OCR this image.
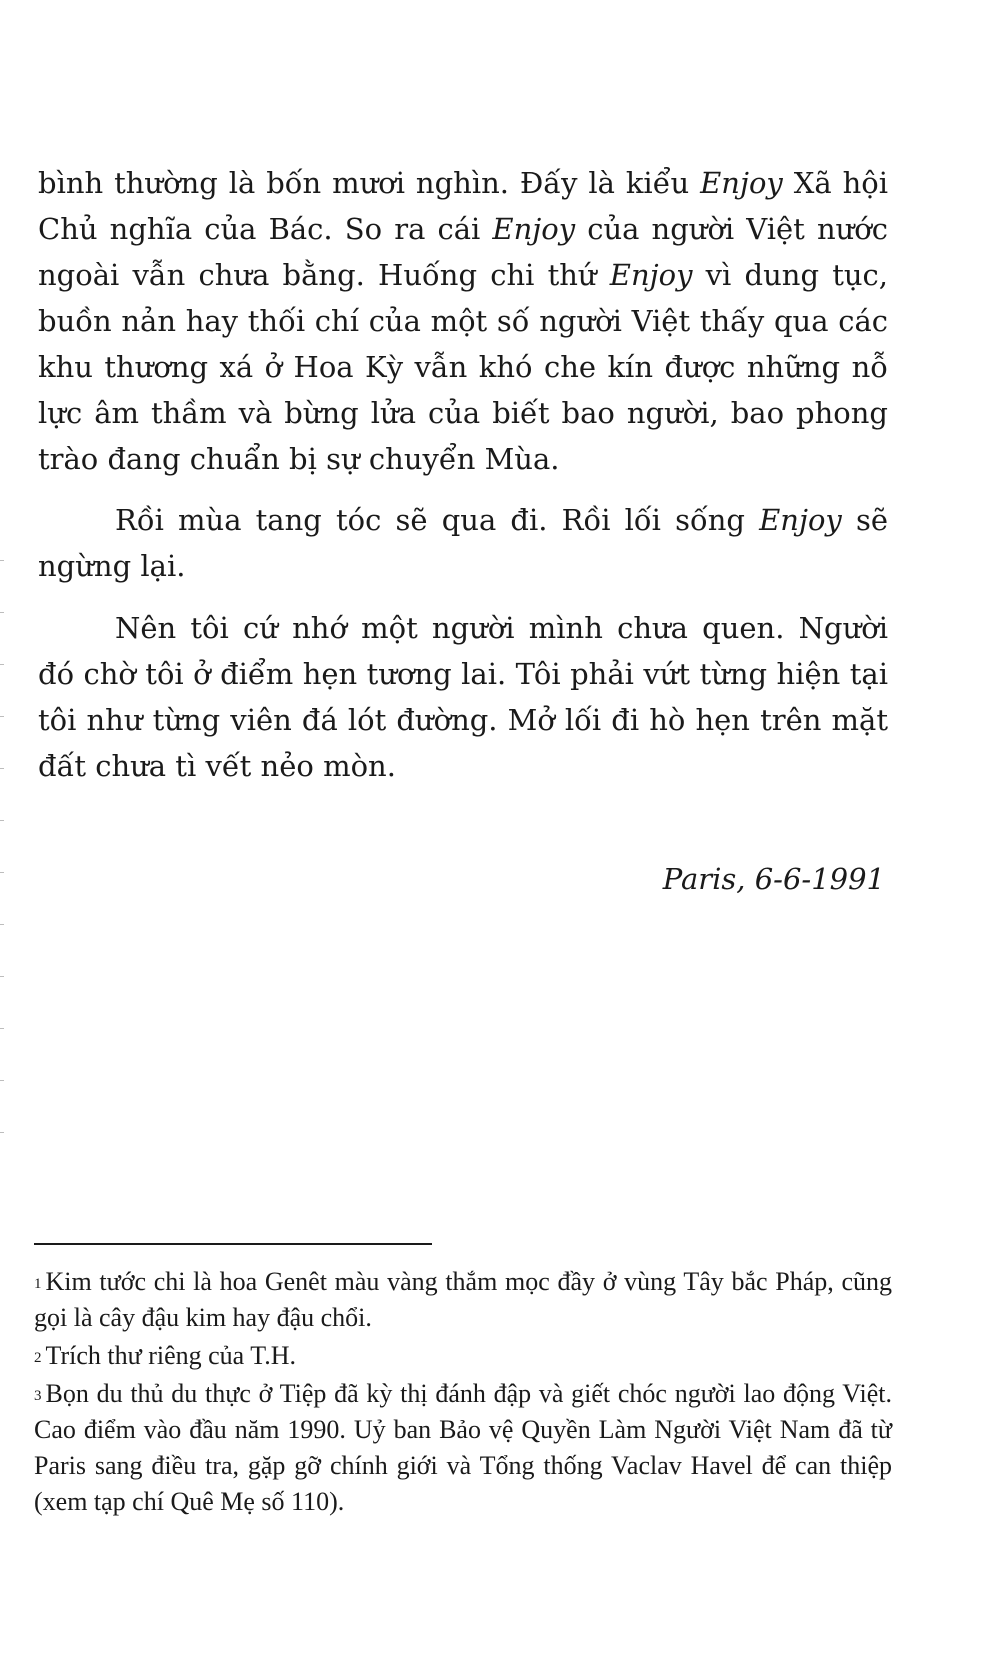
bình thường là bốn mươi nghìn. Đấy là kiểu Enjoy Xã hội Chủ nghĩa của Bác. So ra cái Enjoy của người Việt nước ngoài vẫn chưa bằng. Huống chi thứ Enjoy vì dung tục, buồn nản hay thối chí của một số người Việt thấy qua các khu thương xá ở Hoa Kỳ vẫn khó che kín được những nỗ lực âm thầm và bừng lửa của biết bao người, bao phong trào đang chuẩn bị sự chuyển Mùa.

Rồi mùa tang tóc sẽ qua đi. Rồi lối sống Enjoy sẽ ngừng lại.

Nên tôi cứ nhớ một người mình chưa quen. Người đó chờ tôi ở điểm hẹn tương lai. Tôi phải vứt từng hiện tại tôi như từng viên đá lót đường. Mở lối đi hò hẹn trên mặt đất chưa tì vết nẻo mòn.

Paris, 6-6-1991

$^1$ Kim tước chi là hoa Genêt màu vàng thắm mọc đầy ở vùng Tây bắc Pháp, cũng gọi là cây đậu kim hay đậu chổi.

$^2$ Trích thư riêng của T.H.

$^3$ Bọn du thủ du thực ở Tiệp đã kỳ thị đánh đập và giết chóc người lao động Việt. Cao điểm vào đầu năm 1990. Uỷ ban Bảo vệ Quyền Làm Người Việt Nam đã từ Paris sang điều tra, gặp gỡ chính giới và Tổng thống Vaclav Havel để can thiệp (xem tạp chí Quê Mẹ số 110).
